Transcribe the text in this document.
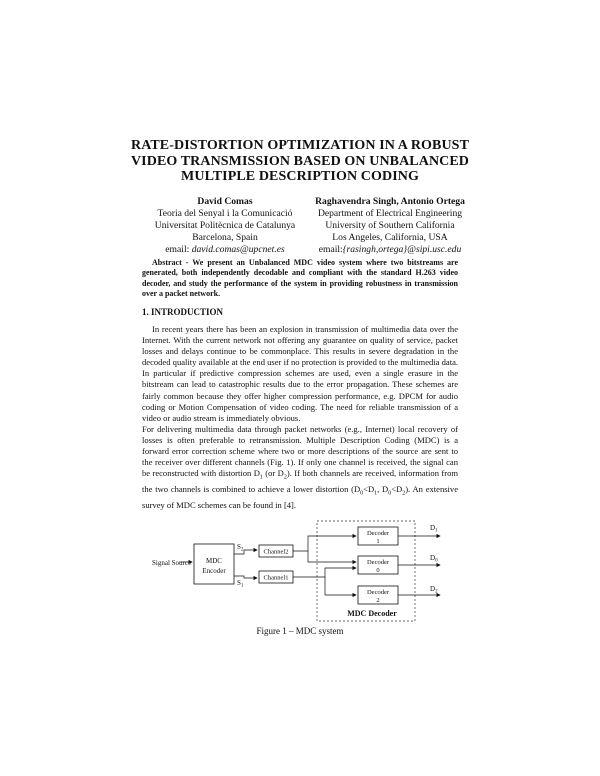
RATE-DISTORTION OPTIMIZATION IN A ROBUST
VIDEO TRANSMISSION BASED ON UNBALANCED
MULTIPLE DESCRIPTION CODING
David Comas
Teoria del Senyal i la Comunicació
Universitat Politècnica de Catalunya
Barcelona, Spain
email: david.comas@upcnet.es
Raghavendra Singh, Antonio Ortega
Department of Electrical Engineering
University of Southern California
Los Angeles, California, USA
email:{rasingh,ortega}@sipi.usc.edu
Abstract - We present an Unbalanced MDC video system where two bitstreams are generated, both independently decodable and compliant with the standard H.263 video decoder, and study the performance of the system in providing robustness in transmission over a packet network.
1. INTRODUCTION

In recent years there has been an explosion in transmission of multimedia data over the Internet. With the current network not offering any guarantee on quality of service, packet losses and delays continue to be commonplace. This results in severe degradation in the decoded quality available at the end user if no protection is provided to the multimedia data. In particular if predictive compression schemes are used, even a single erasure in the bitstream can lead to catastrophic results due to the error propagation. These schemes are fairly common because they offer higher compression performance, e.g. DPCM for audio coding or Motion Compensation of video coding. The need for reliable transmission of a video or audio stream is immediately obvious.

For delivering multimedia data through packet networks (e.g., Internet) local recovery of losses is often preferable to retransmission. Multiple Description Coding (MDC) is a forward error correction scheme where two or more descriptions of the source are sent to the receiver over different channels (Fig. 1). If only one channel is received, the signal can be reconstructed with distortion $D_1$ (or $D_2$). If both channels are received, information from the two channels is combined to achieve a lower distortion ($D_0<D_1$, $D_0<D_2$). An extensive survey of MDC schemes can be found in [4].

Signal Source MDC
Encoder
$S_2$
$S_1$
Channel2
Channel1
Decoder
1
Decoder
0
Decoder
2
$D_1$
$D_0$
$D_2$
MDC Decoder
Figure 1 – MDC system
